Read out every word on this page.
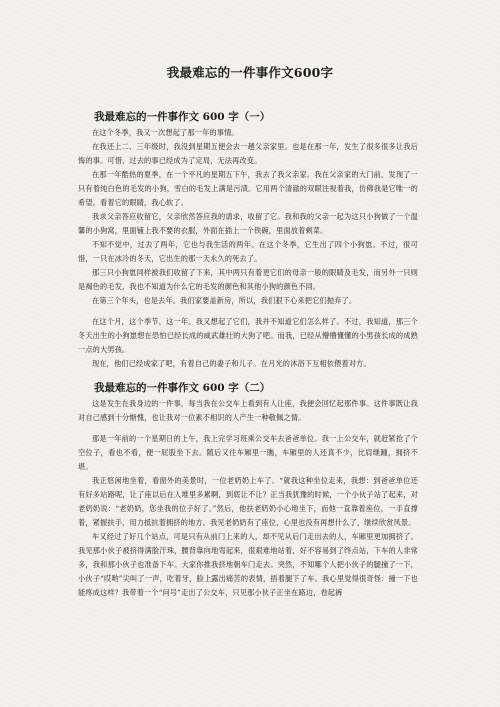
我最难忘的一件事作文600字
我最难忘的一件事作文 600 字（一）

在这个冬季，我又一次想起了那一年的事情。

在我还上二、三年级时，我没到星期五便会去一趟父亲家里。也是在那一年，发生了很多很多让我后悔的事。可惜，过去的事已经成为了定局，无法再改变。

在那一年酷热的夏季，在一个平凡的星期五下午，我去了我父亲家。我在父亲家的大门前，发现了一只有着纯白色的毛发的小狗，雪白的毛发上满是污渍。它用两个清澈的双眼注视着我，仿佛我是它唯一的希望。看着它的眼睛，我心软了。

我求父亲答应收留它，父亲欣然答应我的请求，收留了它。我和我的父亲一起为这只小狗做了一个温馨的小狗窝，里面铺上我不要的衣服，外面在插上一个铁碗，里面放着剩菜。

不知不觉中，过去了两年，它也与我生活的两年。在这个冬季，它生出了四个小狗崽。不过，很可惜，一只在冰冷的冬天，它出生的那一天永久的死去了。

那三只小狗崽同样被我们收留了下来，其中两只有着更它们的母亲一般的眼睛及毛发，而另外一只则是褐色的毛发，我也不知道为什么它的毛发的颜色和其他小狗的颜色不同。

在第三个年头，也是去年。我们家要盖新房，所以，我们狠下心来把它们抛弃了。

在这个月，这个季节，这一年。我又想起了它们，我并不知道它们怎么样了。不过，我知道，那三个冬天出生的小狗崽想在恐怕已经长成的威武雄壮的大狗了吧。而我，已经从懵懵懂懂的小男孩长成的成熟一点的大男孩。

现在，他们已经成家了吧，有着自己的妻子和儿子。在月光的沐浴下互相依偎着对方。

我最难忘的一件事作文 600 字（二）

这是发生在我身边的一件事，每当我在公交车上看到有人让座，我便会回忆起那件事。这件事既让我对自己感到十分惭愧，也让我对一位素不相识的人产生一种敬佩之情。

那是一年前的一个星期日的上午，我上完学习班乘公交车去爸爸单位。我一上公交车，就赶紧抢了个空位子，看也不看，便一屁股坐下去。随后又往车厢里一瞧，车厢里的人还真不少，比肩继踵，拥挤不堪。

我正悠闲地坐着，看窗外的美景时，一位老奶奶上车了。“就我这种坐位走来，我想：到爸爸单位还有好多站路呢，让了座以后在人堆里多累啊，到底让不让？正当我犹豫的时候，一个小伙子站了起来，对老奶奶说：“老奶奶，您坐我的位子好了。”然后，他扶老奶奶小心地坐下，而他一直靠着座位，一手直撑着，紧握扶手，用力抵抗着拥挤的地方。我见老奶奶有了座位，心里也没有再想什么了，继续欣赏风景。

车又经过了好几个站点，可是只有从前门上来的人，却不见从后门走出去的人，车厢里更加拥挤了。我见那小伙子被挤得满脸汗珠，腰背靠向地弯起来，很艰难地站着，好不容易到了终点站，下车的人非常多，我和那小伙子也准备下车。大家你推我挤地朝车门走去。突然，不知哪个人把小伙子的腿撞了一下，小伙子“哎哟”尖叫了一声，吃着牙，脸上露出痛苦的表情，捂着腿下了车。我心里觉得很奇怪：撞一下也能疼成这样？我带着一个“问号”走出了公交车，只见那小伙子正坐在路边，卷起裤
